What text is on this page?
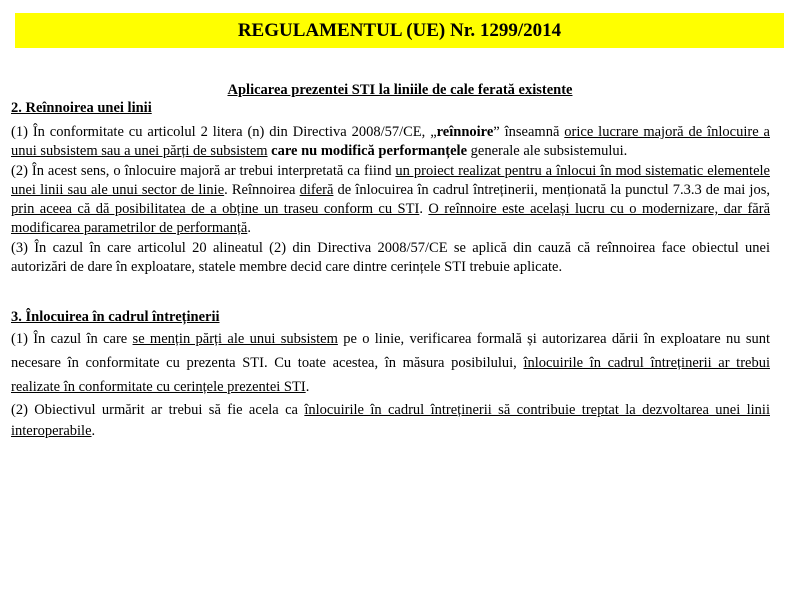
REGULAMENTUL (UE) Nr. 1299/2014
Aplicarea prezentei STI la liniile de cale ferată existente
2. Reînnoirea unei linii

(1) În conformitate cu articolul 2 litera (n) din Directiva 2008/57/CE, „reînnoire” înseamnă orice lucrare majoră de înlocuire a unui subsistem sau a unei părți de subsistem care nu modifică performanțele generale ale subsistemului.

(2) În acest sens, o înlocuire majoră ar trebui interpretată ca fiind un proiect realizat pentru a înlocui în mod sistematic elementele unei linii sau ale unui sector de linie. Reînnoirea diferă de înlocuirea în cadrul întreținerii, menționată la punctul 7.3.3 de mai jos, prin aceea că dă posibilitatea de a obține un traseu conform cu STI. O reînnoire este același lucru cu o modernizare, dar fără modificarea parametrilor de performanță.

(3) În cazul în care articolul 20 alineatul (2) din Directiva 2008/57/CE se aplică din cauză că reînnoirea face obiectul unei autorizări de dare în exploatare, statele membre decid care dintre cerințele STI trebuie aplicate.

3. Înlocuirea în cadrul întreținerii

(1) În cazul în care se mențin părți ale unui subsistem pe o linie, verificarea formală și autorizarea dării în exploatare nu sunt necesare în conformitate cu prezenta STI. Cu toate acestea, în măsura posibilului, înlocuirile în cadrul întreținerii ar trebui realizate în conformitate cu cerințele prezentei STI.

(2) Obiectivul urmărit ar trebui să fie acela ca înlocuirile în cadrul întreținerii să contribuie treptat la dezvoltarea unei linii interoperabile.
